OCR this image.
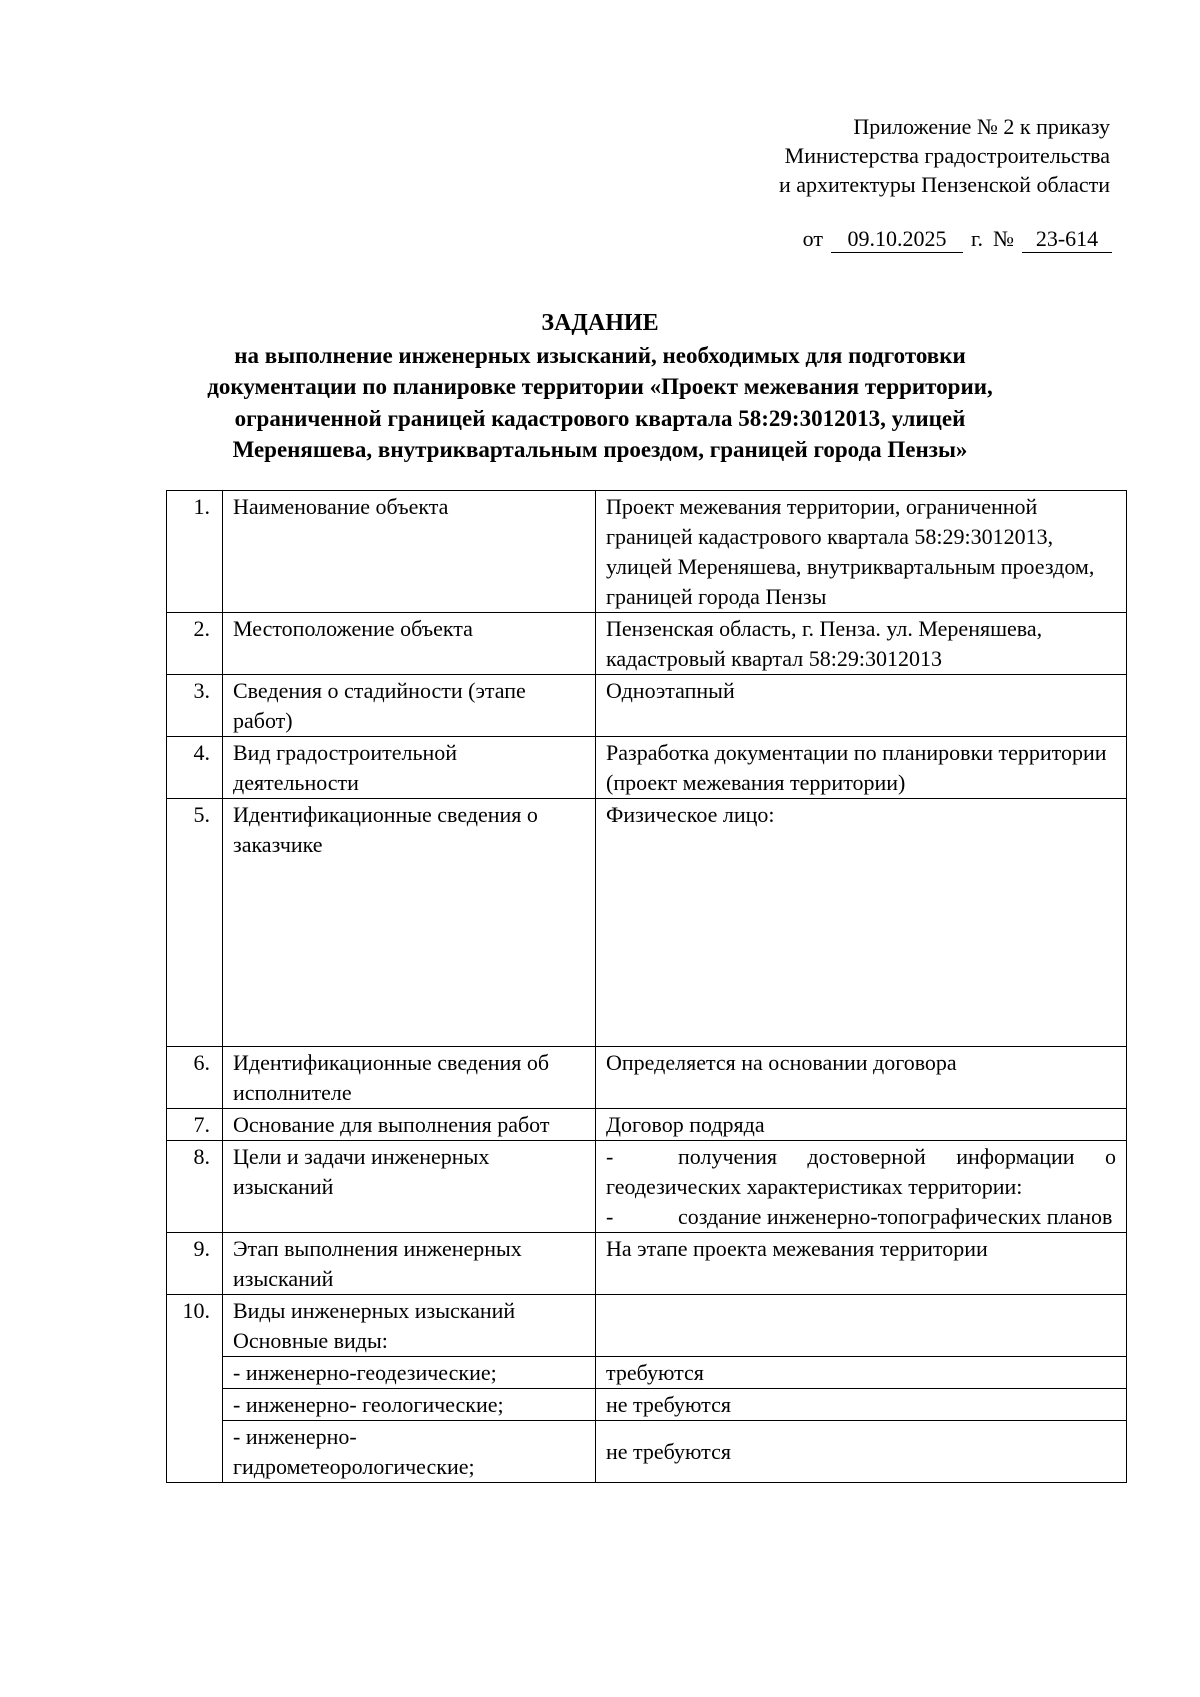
Приложение № 2 к приказу
Министерства градостроительства
и архитектуры Пензенской области
от	09.10.2025	г. № 23-614
ЗАДАНИЕ
на выполнение инженерных изысканий, необходимых для подготовки
документации по планировке территории «Проект межевания территории,
ограниченной границей кадастрового квартала 58:29:3012013, улицей
Мереняшева, внутриквартальным проездом, границей города Пензы»
1.	Наименование объекта	Проект межевания территории, ограниченной границей кадастрового квартала 58:29:3012013, улицей Мереняшева, внутриквартальным проездом, границей города Пензы
2.	Местоположение объекта	Пензенская область, г. Пенза. ул. Мереняшева, кадастровый квартал 58:29:3012013
3.	Сведения о стадийности (этапе работ)	Одноэтапный
4.	Вид градостроительной деятельности	Разработка документации по планировки территории (проект межевания территории)
5.	Идентификационные сведения о заказчике	Физическое лицо:
6.	Идентификационные сведения об исполнителе	Определяется на основании договора
7.	Основание для выполнения работ	Договор подряда
8.	Цели и задачи инженерных изысканий	- получения достоверной информации о геодезических характеристиках территории:
- создание инженерно-топографических планов

9.	Этап выполнения инженерных изысканий	На этапе проекта межевания территории
10.	Виды инженерных изысканий Основные виды:	
	- инженерно-геодезические;	требуются
	- инженерно- геологические;	не требуются
	- инженерно-гидрометеорологические;	не требуются
